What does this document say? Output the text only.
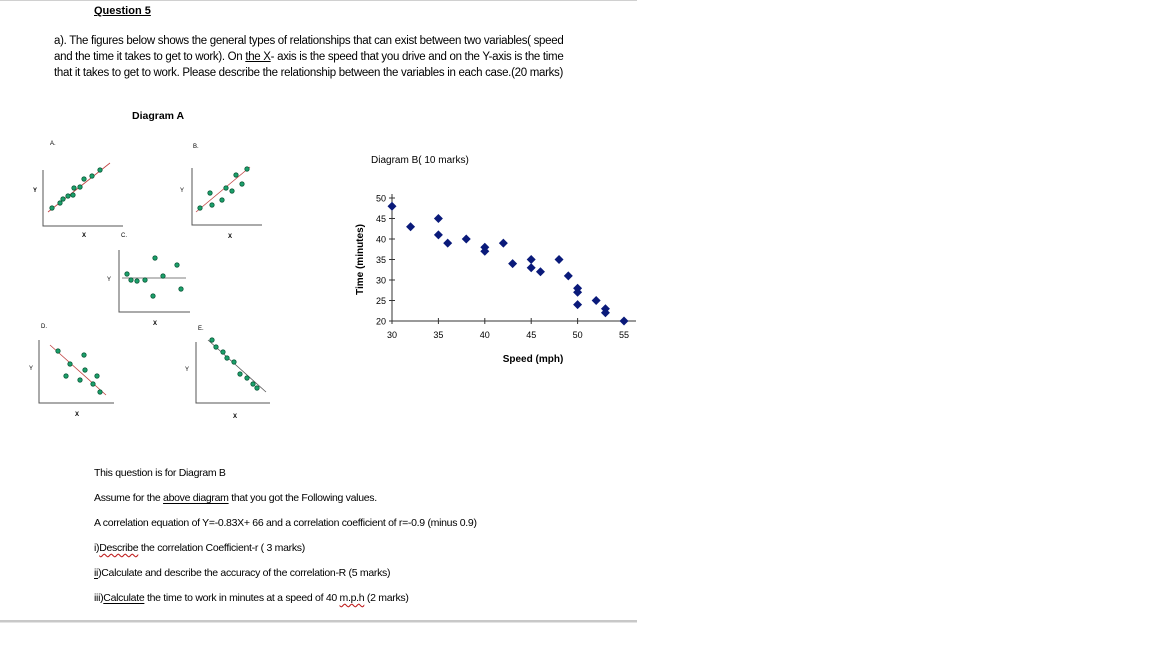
Question 5
a). The figures below shows the general types of relationships that can exist between two variables( speed and the time it takes to get to work). On the X- axis is the speed that you drive and on the Y-axis is the time that it takes to get to work. Please describe the relationship between the variables in each case.(20 marks)
Diagram A
A.
Y
X
B.
Y
X
C.
Y
X
D.
Y
X
E.
Y
X
Diagram B( 10 marks)
Time (minutes)
Speed (mph)
20
25
30
35
40
45
50
30	35	40	45	50	55

This question is for Diagram B

Assume for the above diagram that you got the Following values.

A correlation equation of Y=-0.83X+ 66 and a correlation coefficient of r=-0.9 (minus 0.9)

i)Describe the correlation Coefficient-r ( 3 marks)

ii)Calculate and describe the accuracy of the correlation-R (5 marks)

iii)Calculate the time to work in minutes at a speed of 40 m.p.h (2 marks)
